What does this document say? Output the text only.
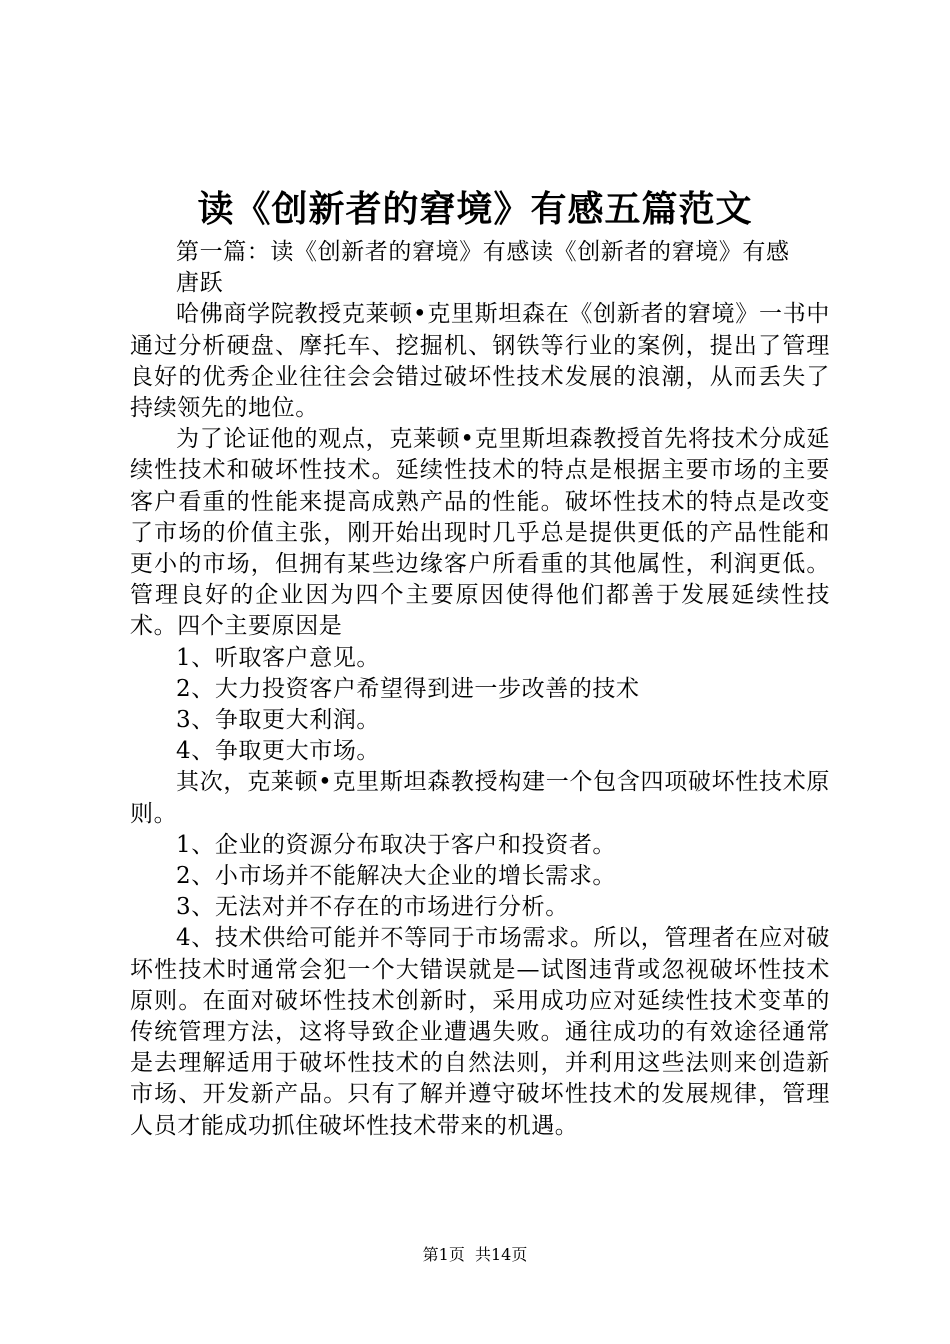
读《创新者的窘境》有感五篇范文

第一篇：读《创新者的窘境》有感读《创新者的窘境》有感

唐跃

哈佛商学院教授克莱顿•克里斯坦森在《创新者的窘境》一书中通过分析硬盘、摩托车、挖掘机、钢铁等行业的案例，提出了管理良好的优秀企业往往会会错过破坏性技术发展的浪潮，从而丢失了持续领先的地位。

为了论证他的观点，克莱顿•克里斯坦森教授首先将技术分成延续性技术和破坏性技术。延续性技术的特点是根据主要市场的主要客户看重的性能来提高成熟产品的性能。破坏性技术的特点是改变了市场的价值主张，刚开始出现时几乎总是提供更低的产品性能和更小的市场，但拥有某些边缘客户所看重的其他属性，利润更低。管理良好的企业因为四个主要原因使得他们都善于发展延续性技术。四个主要原因是

1、听取客户意见。

2、大力投资客户希望得到进一步改善的技术

3、争取更大利润。

4、争取更大市场。

其次，克莱顿•克里斯坦森教授构建一个包含四项破坏性技术原则。

1、企业的资源分布取决于客户和投资者。

2、小市场并不能解决大企业的增长需求。

3、无法对并不存在的市场进行分析。

4、技术供给可能并不等同于市场需求。所以，管理者在应对破坏性技术时通常会犯一个大错误就是—试图违背或忽视破坏性技术原则。在面对破坏性技术创新时，采用成功应对延续性技术变革的传统管理方法，这将导致企业遭遇失败。通往成功的有效途径通常是去理解适用于破坏性技术的自然法则，并利用这些法则来创造新市场、开发新产品。只有了解并遵守破坏性技术的发展规律，管理人员才能成功抓住破坏性技术带来的机遇。

第1页  共14页
